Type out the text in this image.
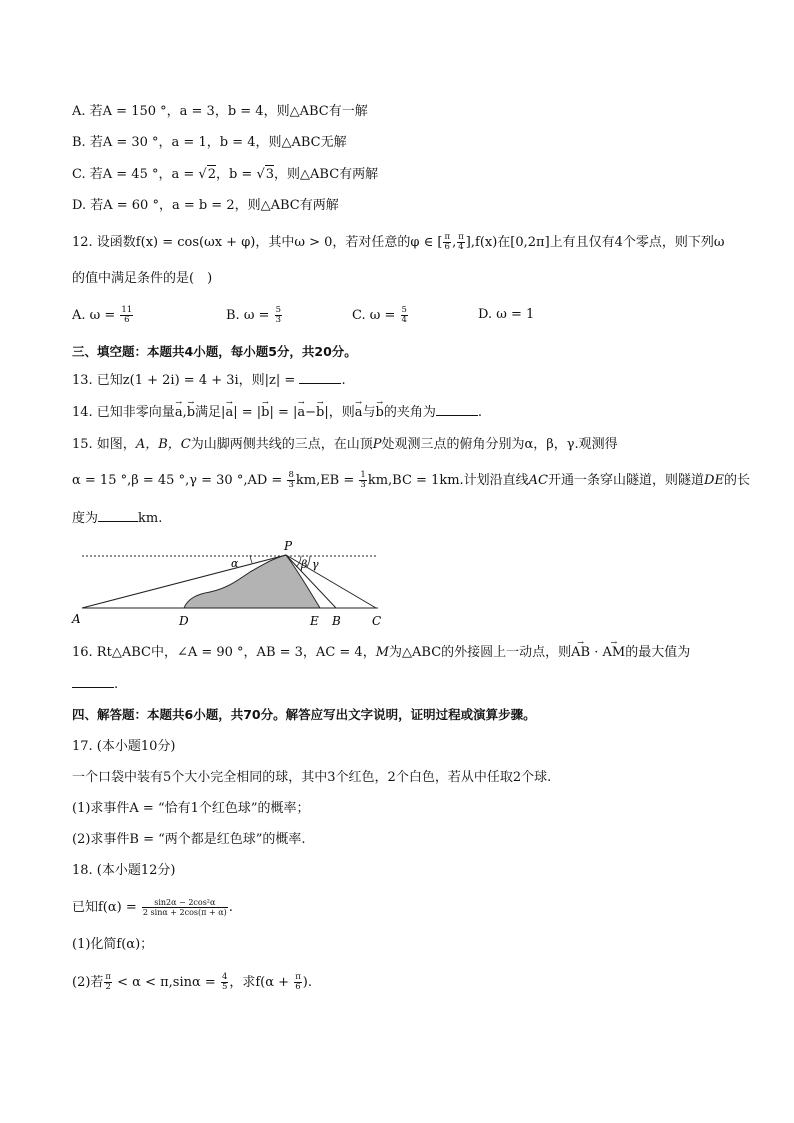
A. 若A = 150 °，a = 3，b = 4，则△ABC有一解
B. 若A = 30 °，a = 1，b = 4，则△ABC无解
C. 若A = 45 °，a = √2，b = √3，则△ABC有两解
D. 若A = 60 °，a = b = 2，则△ABC有两解
12. 设函数f(x) = cos(ωx + φ)，其中ω > 0，若对任意的φ ∈ [ $\frac{\pi}{6}$ , $\frac{\pi}{4} ],f(x)$在[0,2π]上有且仅有4个零点，则下列ω
的值中满足条件的是(　)
A. $\omega = \frac{11}{6}$	B. $\omega = \frac{5}{3}$	C. $\omega = \frac{5}{4}$	D. ω = 1
三、填空题：本题共4小题，每小题5分，共20分。
13. 已知z(1 + 2i) = 4 + 3i，则|z| =	.
14. 已知非零向量→ a,→ b满足|→ a| = |→ b| = |→ a−→ b|，则→ a与→ b的夹角为	.
15. 如图，A，B，C为山脚两侧共线的三点，在山顶P处观测三点的俯角分别为α，β，γ.观测得
α = 15 °,β = 45 °,γ = 30 $^\circ,AD = \frac{8}{3} km,EB = \frac{1}{3} km,BC = 1km$.计划沿直线AC开通一条穿山隧道，则隧道DE的长
度为	km.
P
α	β γ
A	D	E B	C
16. Rt△ABC中，∠A = 90 °，AB = 3，AC = 4，M为△ABC的外接圆上一动点，则→ AB · → AM的最大值为
.
四、解答题：本题共6小题，共70分。解答应写出文字说明，证明过程或演算步骤。
17. (本小题10分)
一个口袋中装有5个大小完全相同的球，其中3个红色，2个白色，若从中任取2个球.
(1)求事件A = “恰有1个红色球”的概率；
(2)求事件B = “两个都是红色球”的概率.
18. (本小题12分)
已知$f(\alpha) = \frac{\text{sin2α − 2cos²α}}{2 \sin\alpha + 2\cos(\pi + \alpha)}$ .
(1)化简f(α)；
(2)若 $\frac{\pi}{2} < \alpha < \pi,\sin\alpha = \frac{4}{5}$ ，求$f(\alpha + \frac{\pi}{6}$ ).
